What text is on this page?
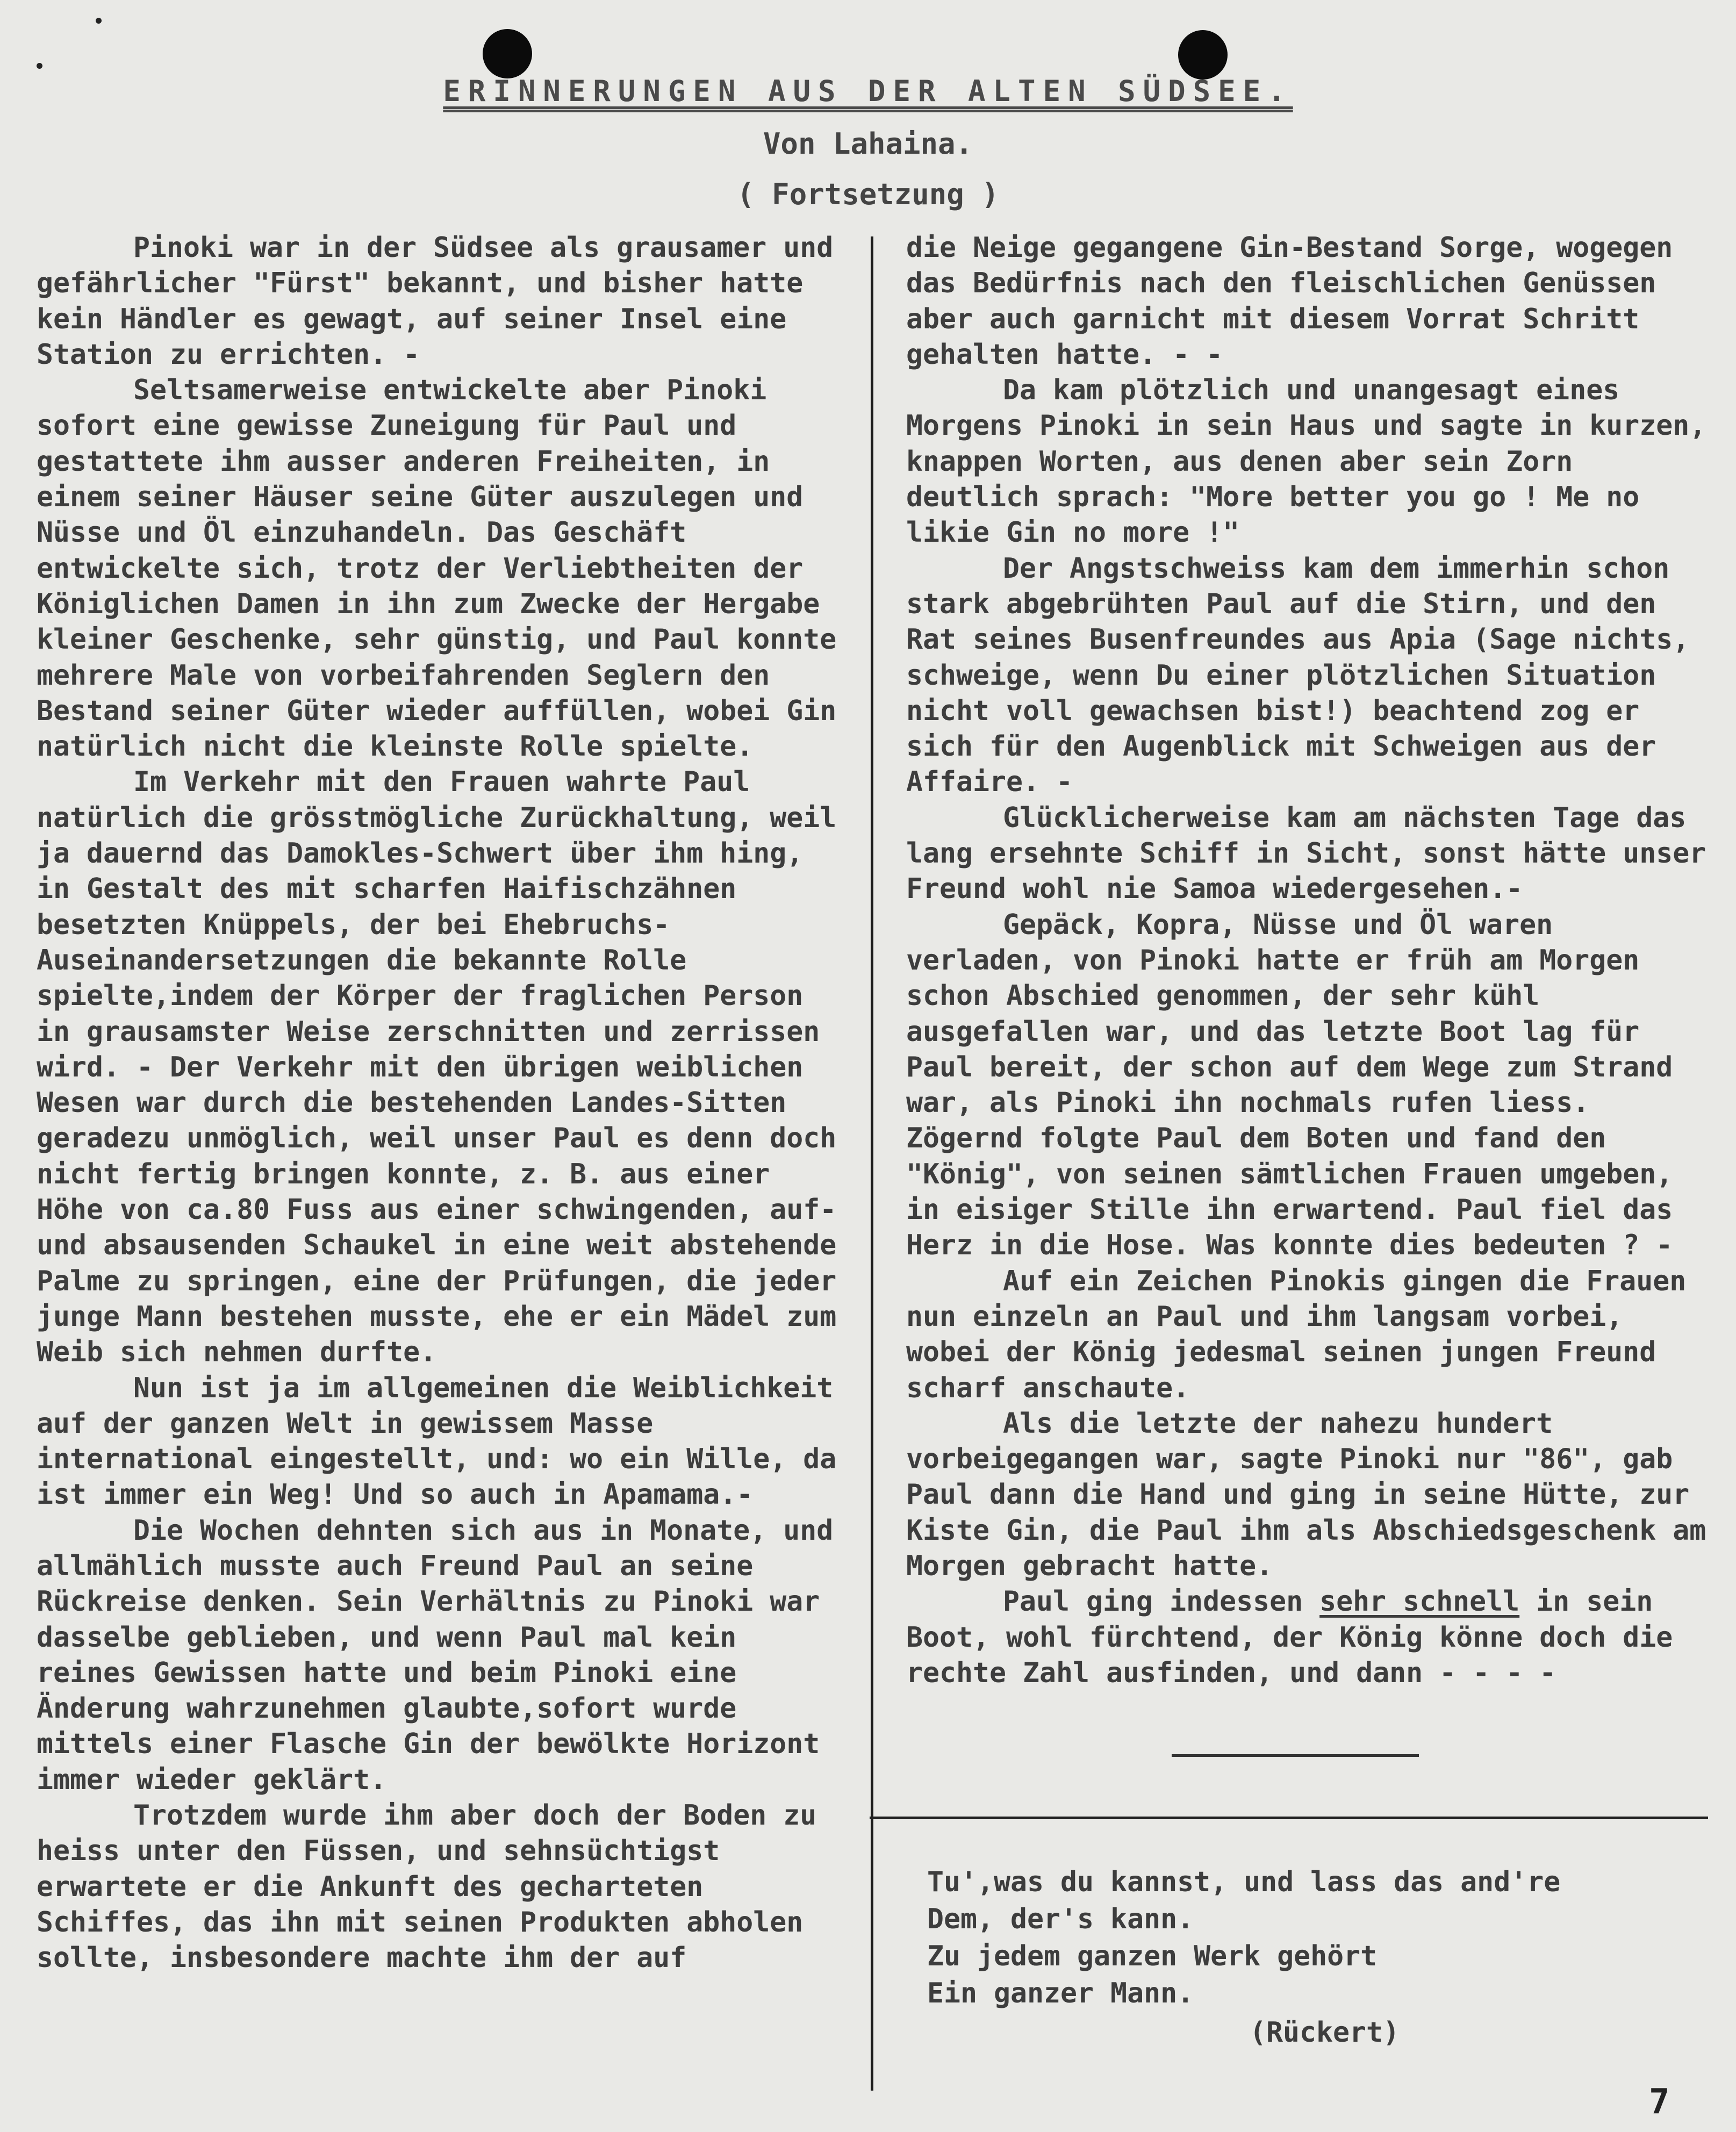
ERINNERUNGEN AUS DER ALTEN SÜDSEE.
Von Lahaina.
( Fortsetzung )

Pinoki war in der Südsee als grausamer und gefährlicher "Fürst" bekannt, und bisher hatte kein Händler es gewagt, auf seiner Insel eine Station zu errichten. -

Seltsamerweise entwickelte aber Pinoki sofort eine gewisse Zuneigung für Paul und gestattete ihm ausser anderen Freiheiten, in einem seiner Häuser seine Güter auszulegen und Nüsse und Öl einzuhandeln. Das Geschäft entwickelte sich, trotz der Verliebtheiten der Königlichen Damen in ihn zum Zwecke der Hergabe kleiner Geschenke, sehr günstig, und Paul konnte mehrere Male von vorbeifahrenden Seglern den Bestand seiner Güter wieder auffüllen, wobei Gin natürlich nicht die kleinste Rolle spielte.

Im Verkehr mit den Frauen wahrte Paul natürlich die grösstmögliche Zurückhaltung, weil ja dauernd das Damokles-Schwert über ihm hing, in Gestalt des mit scharfen Haifischzähnen besetzten Knüppels, der bei Ehebruchs-Auseinandersetzungen die bekannte Rolle spielte,indem der Körper der fraglichen Person in grausamster Weise zerschnitten und zerrissen wird. - Der Verkehr mit den übrigen weiblichen Wesen war durch die bestehenden Landes-Sitten geradezu unmöglich, weil unser Paul es denn doch nicht fertig bringen konnte, z. B. aus einer Höhe von ca.80 Fuss aus einer schwingenden, auf- und absausenden Schaukel in eine weit abstehende Palme zu springen, eine der Prüfungen, die jeder junge Mann bestehen musste, ehe er ein Mädel zum Weib sich nehmen durfte.

Nun ist ja im allgemeinen die Weiblichkeit auf der ganzen Welt in gewissem Masse international eingestellt, und: wo ein Wille, da ist immer ein Weg! Und so auch in Apamama.-

Die Wochen dehnten sich aus in Monate, und allmählich musste auch Freund Paul an seine Rückreise denken. Sein Verhältnis zu Pinoki war dasselbe geblieben, und wenn Paul mal kein reines Gewissen hatte und beim Pinoki eine Änderung wahrzunehmen glaubte,sofort wurde mittels einer Flasche Gin der bewölkte Horizont immer wieder geklärt.

Trotzdem wurde ihm aber doch der Boden zu heiss unter den Füssen, und sehnsüchtigst erwartete er die Ankunft des gecharteten Schiffes, das ihn mit seinen Produkten abholen sollte, insbesondere machte ihm der auf

die Neige gegangene Gin-Bestand Sorge, wogegen das Bedürfnis nach den fleischlichen Genüssen aber auch garnicht mit diesem Vorrat Schritt gehalten hatte. - -

Da kam plötzlich und unangesagt eines Morgens Pinoki in sein Haus und sagte in kurzen, knappen Worten, aus denen aber sein Zorn deutlich sprach: "More better you go ! Me no likie Gin no more !"

Der Angstschweiss kam dem immerhin schon stark abgebrühten Paul auf die Stirn, und den Rat seines Busenfreundes aus Apia (Sage nichts, schweige, wenn Du einer plötzlichen Situation nicht voll gewachsen bist!) beachtend zog er sich für den Augenblick mit Schweigen aus der Affaire. -

Glücklicherweise kam am nächsten Tage das lang ersehnte Schiff in Sicht, sonst hätte unser Freund wohl nie Samoa wiedergesehen.-

Gepäck, Kopra, Nüsse und Öl waren verladen, von Pinoki hatte er früh am Morgen schon Abschied genommen, der sehr kühl ausgefallen war, und das letzte Boot lag für Paul bereit, der schon auf dem Wege zum Strand war, als Pinoki ihn nochmals rufen liess. Zögernd folgte Paul dem Boten und fand den "König", von seinen sämtlichen Frauen umgeben, in eisiger Stille ihn erwartend. Paul fiel das Herz in die Hose. Was konnte dies bedeuten ? -

Auf ein Zeichen Pinokis gingen die Frauen nun einzeln an Paul und ihm langsam vorbei, wobei der König jedesmal seinen jungen Freund scharf anschaute.

Als die letzte der nahezu hundert vorbeigegangen war, sagte Pinoki nur "86", gab Paul dann die Hand und ging in seine Hütte, zur Kiste Gin, die Paul ihm als Abschiedsgeschenk am Morgen gebracht hatte.

Paul ging indessen sehr schnell in sein Boot, wohl fürchtend, der König könne doch die rechte Zahl ausfinden, und dann - - - -

Tu',was du kannst, und lass das and're
Dem, der's kann.
Zu jedem ganzen Werk gehört
Ein ganzer Mann.
(Rückert)
7
